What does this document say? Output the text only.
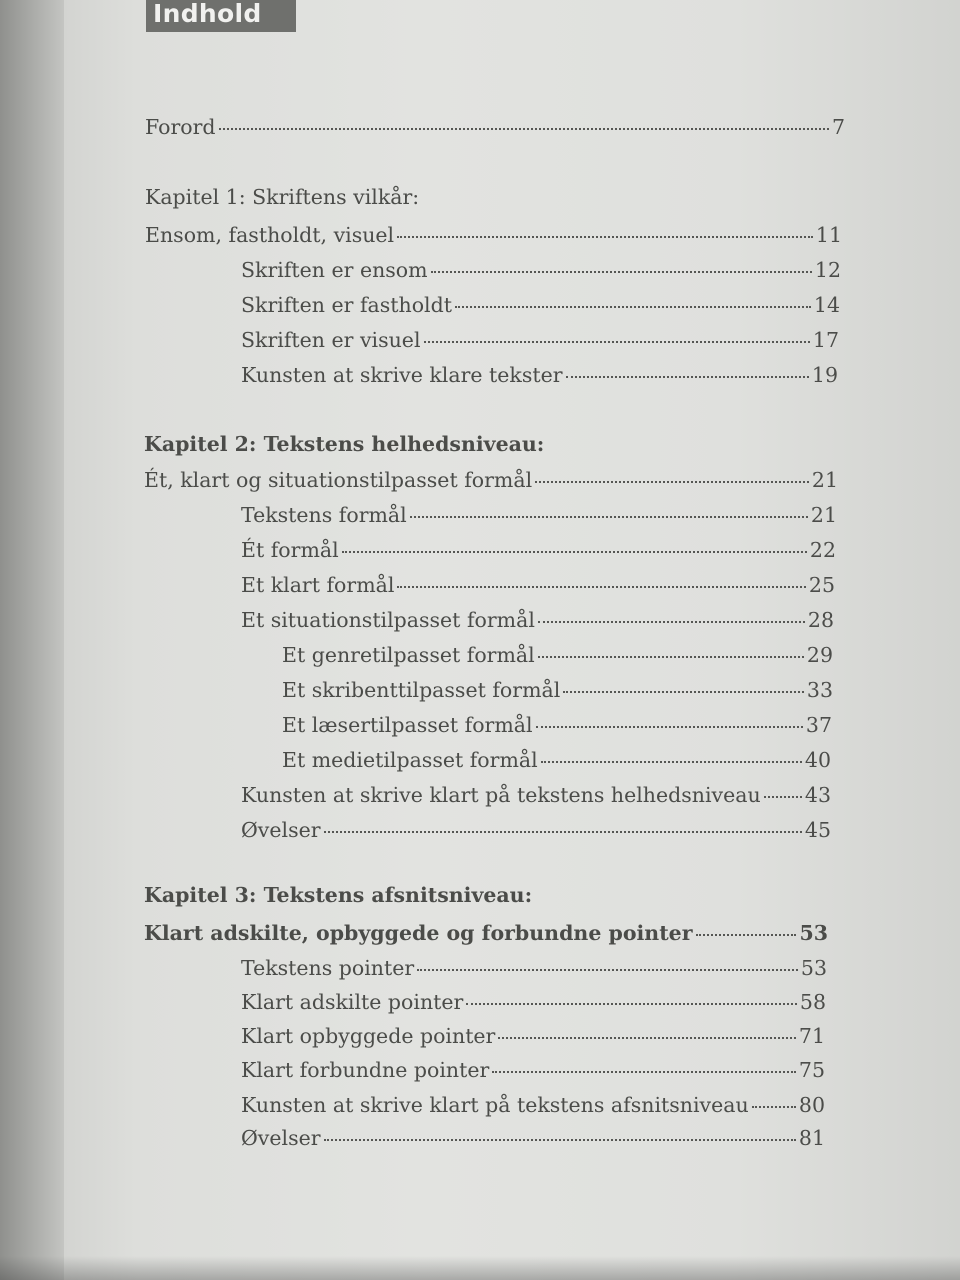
Indhold
Forord	7
Kapitel 1: Skriftens vilkår:
Ensom, fastholdt, visuel	11
Skriften er ensom	12
Skriften er fastholdt	14
Skriften er visuel	17
Kunsten at skrive klare tekster	19
Kapitel 2: Tekstens helhedsniveau:
Ét, klart og situationstilpasset formål	21
Tekstens formål	21
Ét formål	22
Et klart formål	25
Et situationstilpasset formål	28
Et genretilpasset formål	29
Et skribenttilpasset formål	33
Et læsertilpasset formål	37
Et medietilpasset formål	40
Kunsten at skrive klart på tekstens helhedsniveau 43
Øvelser	45
Kapitel 3: Tekstens afsnitsniveau:
Klart adskilte, opbyggede og forbundne pointer	53
Tekstens pointer	53
Klart adskilte pointer	58
Klart opbyggede pointer	71
Klart forbundne pointer	75
Kunsten at skrive klart på tekstens afsnitsniveau 80
Øvelser	81
